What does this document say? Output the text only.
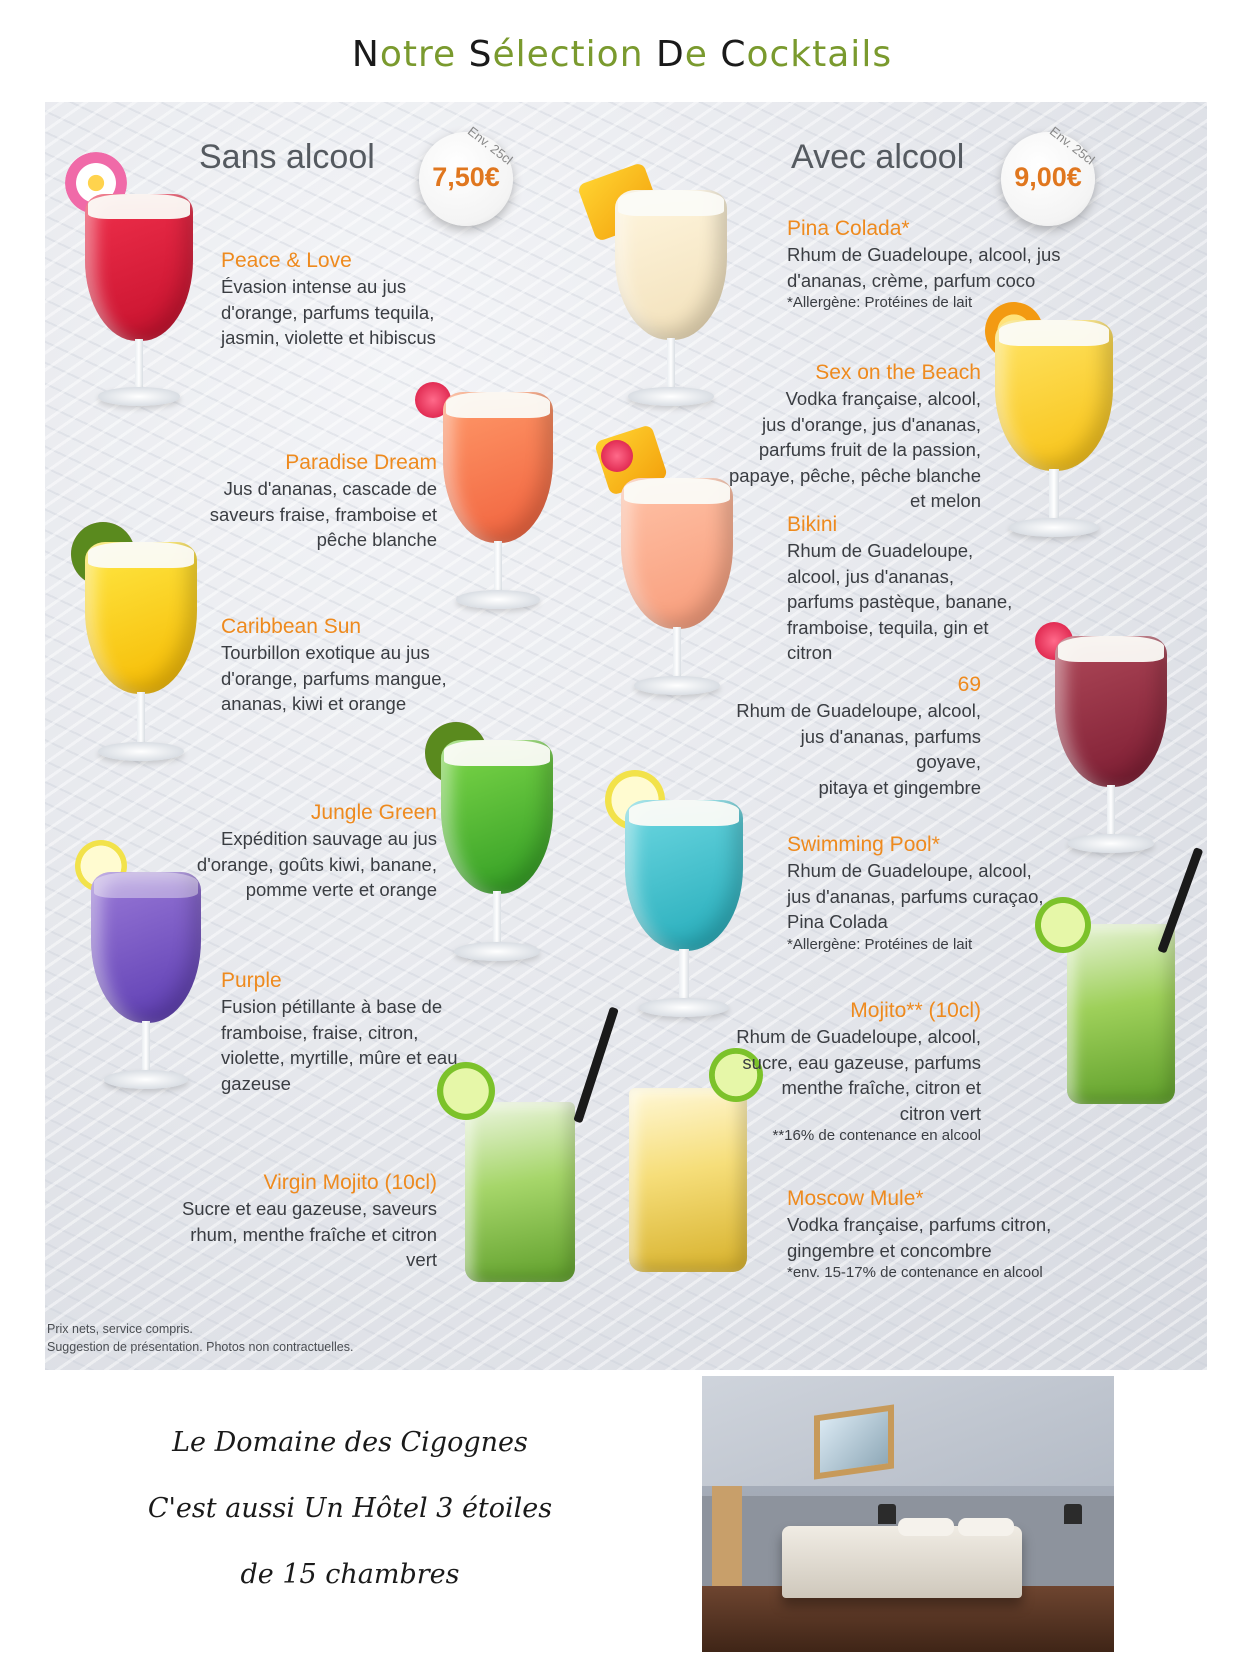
Notre Sélection De Cocktails
Sans alcool	Env. 25cl
7,50€
Avec alcool	Env. 25cl
9,00€
Peace & Love
Évasion intense au jus
d'orange, parfums tequila,
jasmin, violette et hibiscus
Paradise Dream
Jus d'ananas, cascade de
saveurs fraise, framboise et
pêche blanche
Caribbean Sun
Tourbillon exotique au jus
d'orange, parfums mangue,
ananas, kiwi et orange
Jungle Green
Expédition sauvage au jus
d'orange, goûts kiwi, banane,
pomme verte et orange
Purple
Fusion pétillante à base de
framboise, fraise, citron,
violette, myrtille, mûre et eau
gazeuse
Virgin Mojito (10cl)
Sucre et eau gazeuse, saveurs
rhum, menthe fraîche et citron
vert
Pina Colada*
Rhum de Guadeloupe, alcool, jus
d'ananas, crème, parfum coco
*Allergène: Protéines de lait
Sex on the Beach
Vodka française, alcool,
jus d'orange, jus d'ananas,
parfums fruit de la passion,
papaye, pêche, pêche blanche
et melon
Bikini
Rhum de Guadeloupe,
alcool, jus d'ananas,
parfums pastèque, banane,
framboise, tequila, gin et
citron
69
Rhum de Guadeloupe, alcool,
jus d'ananas, parfums goyave,
pitaya et gingembre
Swimming Pool*
Rhum de Guadeloupe, alcool,
jus d'ananas, parfums curaçao,
Pina Colada
*Allergène: Protéines de lait
Mojito** (10cl)
Rhum de Guadeloupe, alcool,
sucre, eau gazeuse, parfums
menthe fraîche, citron et
citron vert
**16% de contenance en alcool
Moscow Mule*
Vodka française, parfums citron,
gingembre et concombre
*env. 15-17% de contenance en alcool
Prix nets, service compris.
Suggestion de présentation. Photos non contractuelles.
Le Domaine des Cigognes
C'est aussi Un Hôtel 3 étoiles
de 15 chambres
